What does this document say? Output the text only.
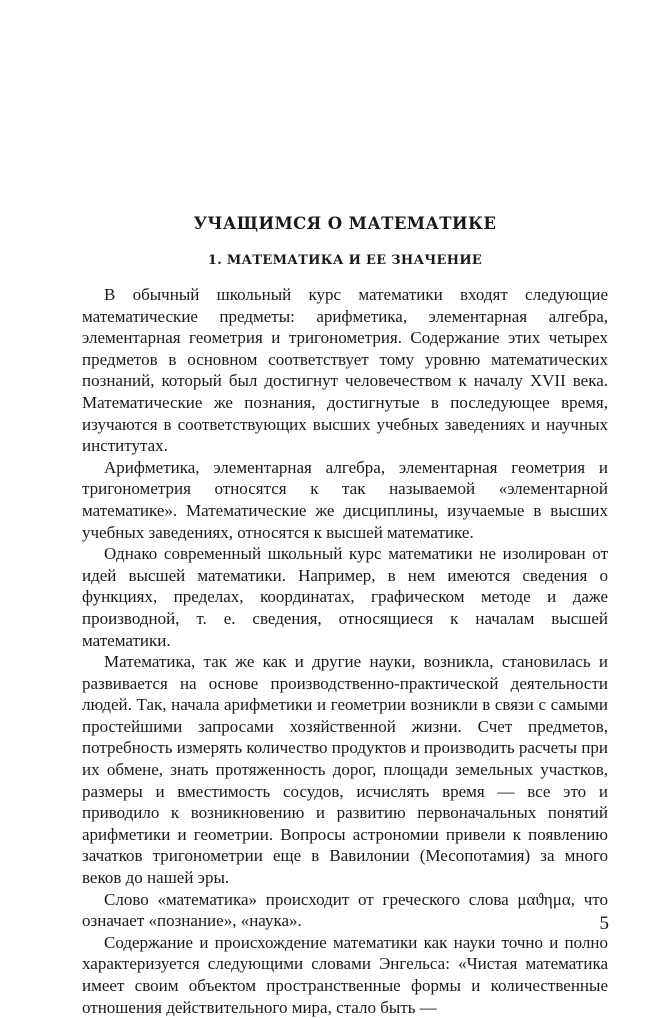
УЧАЩИМСЯ О МАТЕМАТИКЕ
1. МАТЕМАТИКА И ЕЕ ЗНАЧЕНИЕ

В обычный школьный курс математики входят следующие математические предметы: арифметика, элементарная алгебра, элементарная геометрия и тригонометрия. Содержание этих четырех предметов в основном соответствует тому уровню математических познаний, который был достигнут человечеством к началу XVII века. Математические же познания, достигнутые в последующее время, изучаются в соответствующих высших учебных заведениях и научных институтах.

Арифметика, элементарная алгебра, элементарная геометрия и тригонометрия относятся к так называемой «элементарной математике». Математические же дисциплины, изучаемые в высших учебных заведениях, относятся к высшей математике.

Однако современный школьный курс математики не изолирован от идей высшей математики. Например, в нем имеются сведения о функциях, пределах, координатах, графическом методе и даже производной, т. е. сведения, относящиеся к началам высшей математики.

Математика, так же как и другие науки, возникла, становилась и развивается на основе производственно-практической деятельности людей. Так, начала арифметики и геометрии возникли в связи с самыми простейшими запросами хозяйственной жизни. Счет предметов, потребность измерять количество продуктов и производить расчеты при их обмене, знать протяженность дорог, площади земельных участков, размеры и вместимость сосудов, исчислять время — все это и приводило к возникновению и развитию первоначальных понятий арифметики и геометрии. Вопросы астрономии привели к появлению зачатков тригонометрии еще в Вавилонии (Месопотамия) за много веков до нашей эры.

Слово «математика» происходит от греческого слова μαϑημα, что означает «познание», «наука».

Содержание и происхождение математики как науки точно и полно характеризуется следующими словами Энгельса: «Чистая математика имеет своим объектом пространственные формы и количественные отношения действительного мира, стало быть —

5
